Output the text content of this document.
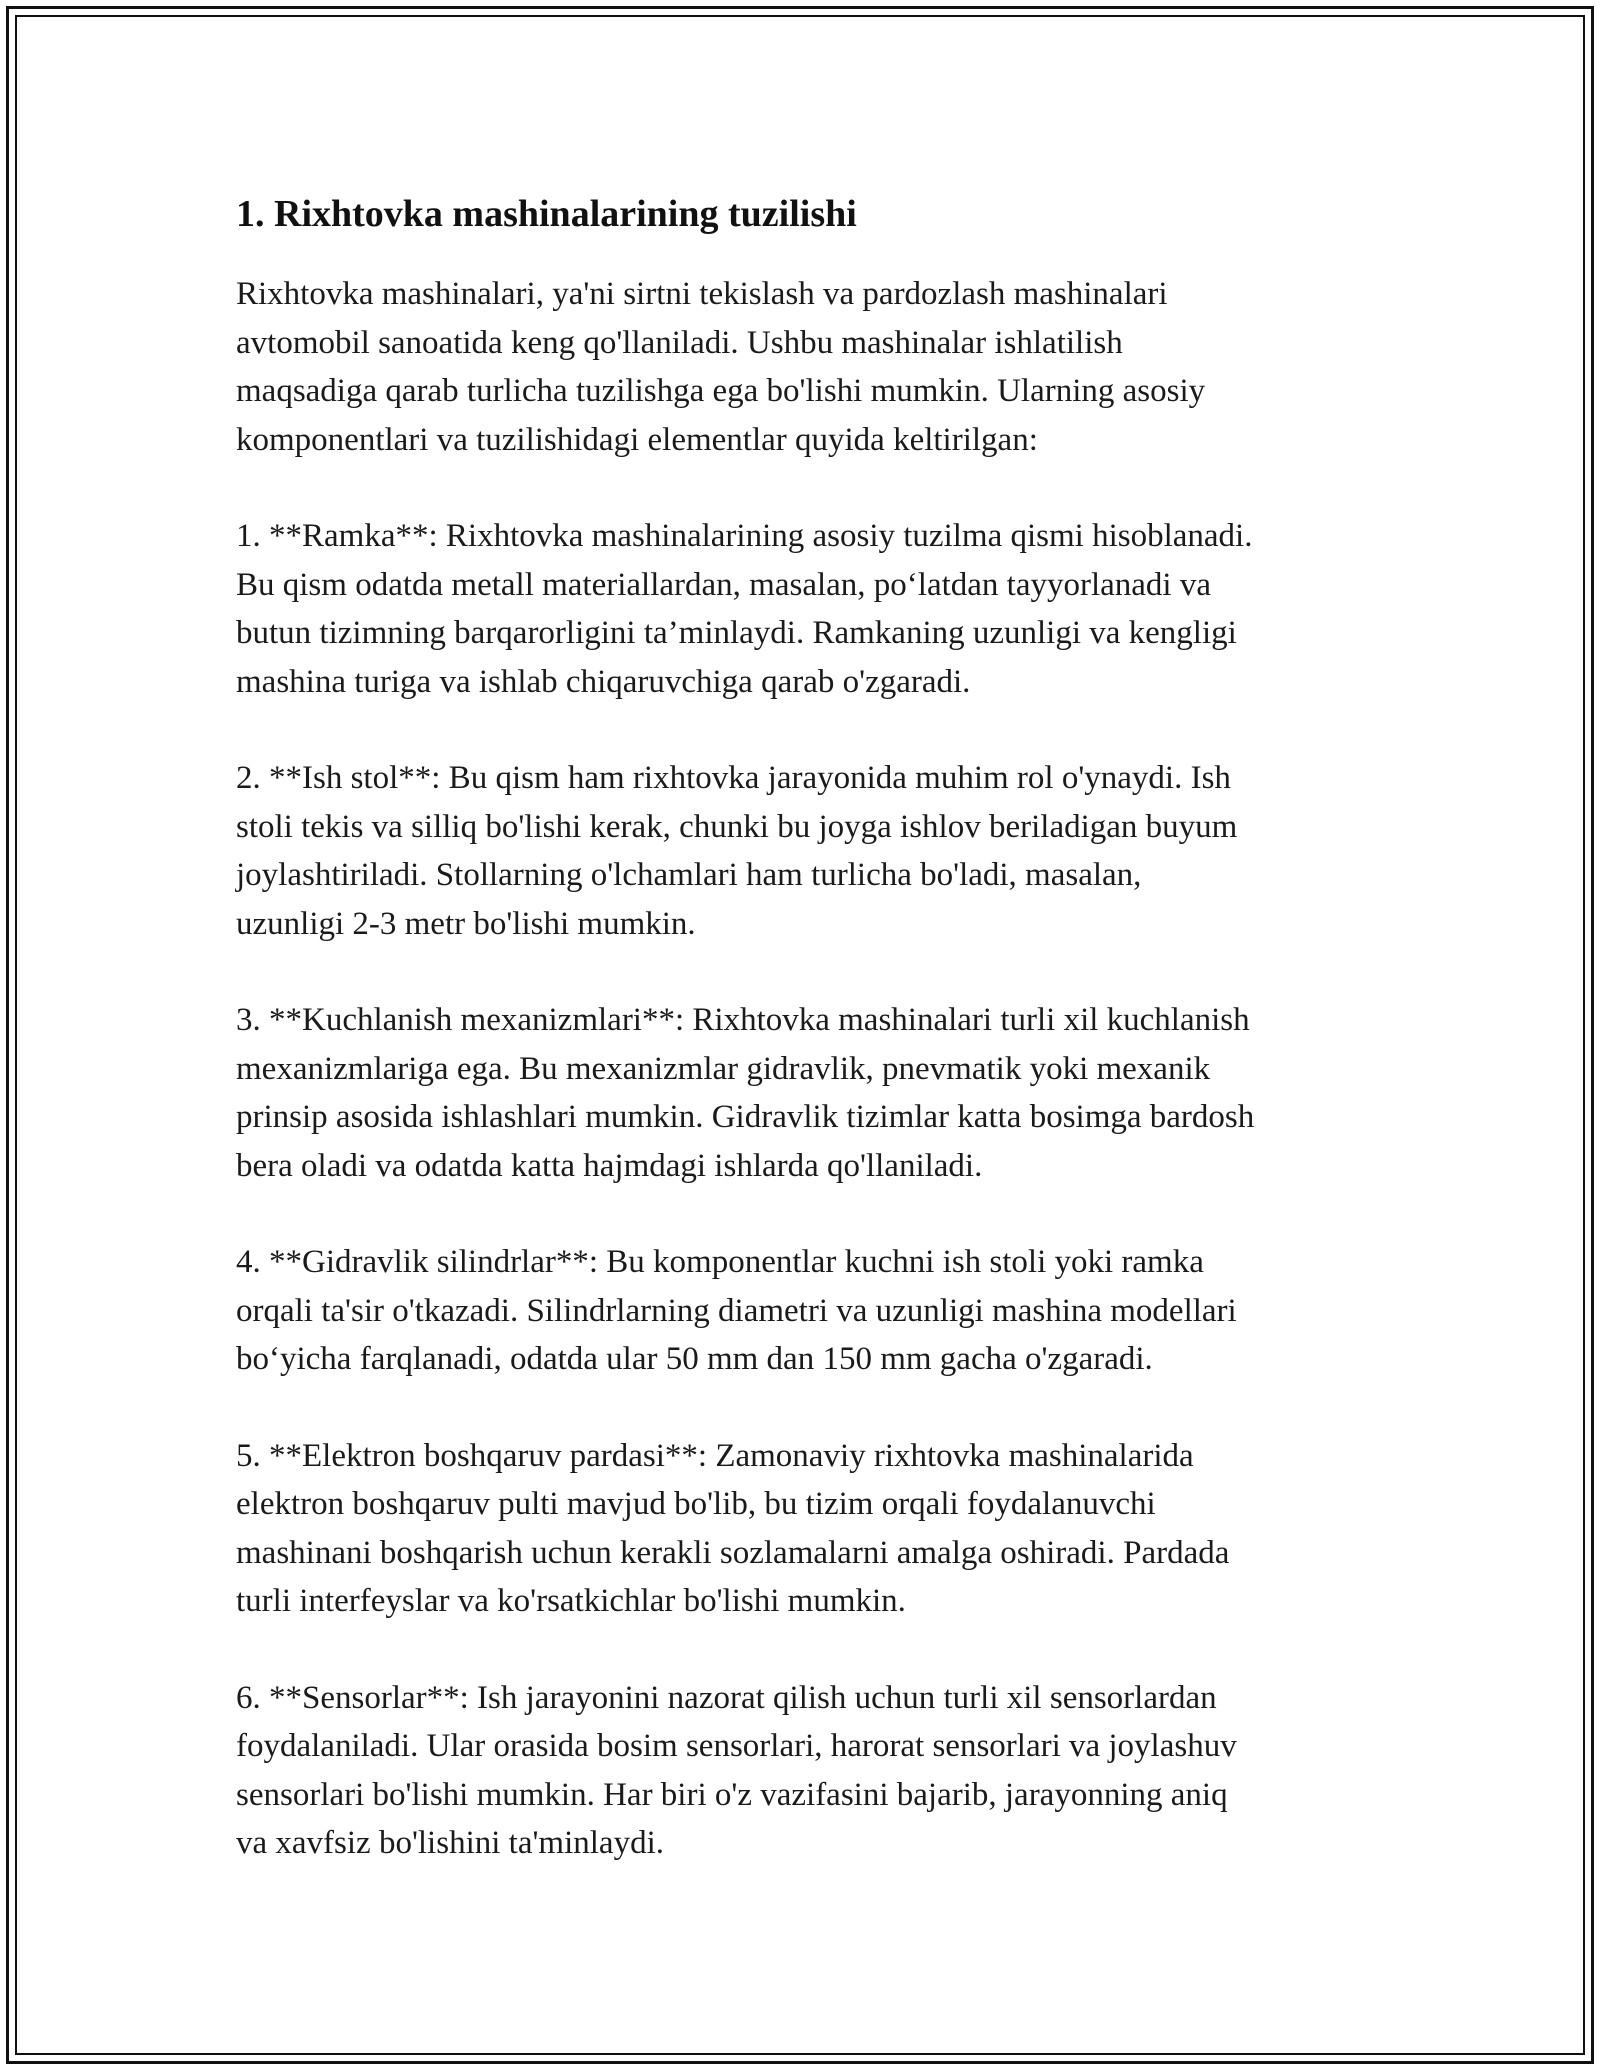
1. Rixhtovka mashinalarining tuzilishi

Rixhtovka mashinalari, ya'ni sirtni tekislash va pardozlash mashinalari
avtomobil sanoatida keng qo'llaniladi. Ushbu mashinalar ishlatilish
maqsadiga qarab turlicha tuzilishga ega bo'lishi mumkin. Ularning asosiy
komponentlari va tuzilishidagi elementlar quyida keltirilgan:

1. **Ramka**: Rixhtovka mashinalarining asosiy tuzilma qismi hisoblanadi.
Bu qism odatda metall materiallardan, masalan, po‘latdan tayyorlanadi va
butun tizimning barqarorligini ta’minlaydi. Ramkaning uzunligi va kengligi
mashina turiga va ishlab chiqaruvchiga qarab o'zgaradi.

2. **Ish stol**: Bu qism ham rixhtovka jarayonida muhim rol o'ynaydi. Ish
stoli tekis va silliq bo'lishi kerak, chunki bu joyga ishlov beriladigan buyum
joylashtiriladi. Stollarning o'lchamlari ham turlicha bo'ladi, masalan,
uzunligi 2-3 metr bo'lishi mumkin.

3. **Kuchlanish mexanizmlari**: Rixhtovka mashinalari turli xil kuchlanish
mexanizmlariga ega. Bu mexanizmlar gidravlik, pnevmatik yoki mexanik
prinsip asosida ishlashlari mumkin. Gidravlik tizimlar katta bosimga bardosh
bera oladi va odatda katta hajmdagi ishlarda qo'llaniladi.

4. **Gidravlik silindrlar**: Bu komponentlar kuchni ish stoli yoki ramka
orqali ta'sir o'tkazadi. Silindrlarning diametri va uzunligi mashina modellari
bo‘yicha farqlanadi, odatda ular 50 mm dan 150 mm gacha o'zgaradi.

5. **Elektron boshqaruv pardasi**: Zamonaviy rixhtovka mashinalarida
elektron boshqaruv pulti mavjud bo'lib, bu tizim orqali foydalanuvchi
mashinani boshqarish uchun kerakli sozlamalarni amalga oshiradi. Pardada
turli interfeyslar va ko'rsatkichlar bo'lishi mumkin.

6. **Sensorlar**: Ish jarayonini nazorat qilish uchun turli xil sensorlardan
foydalaniladi. Ular orasida bosim sensorlari, harorat sensorlari va joylashuv
sensorlari bo'lishi mumkin. Har biri o'z vazifasini bajarib, jarayonning aniq
va xavfsiz bo'lishini ta'minlaydi.
